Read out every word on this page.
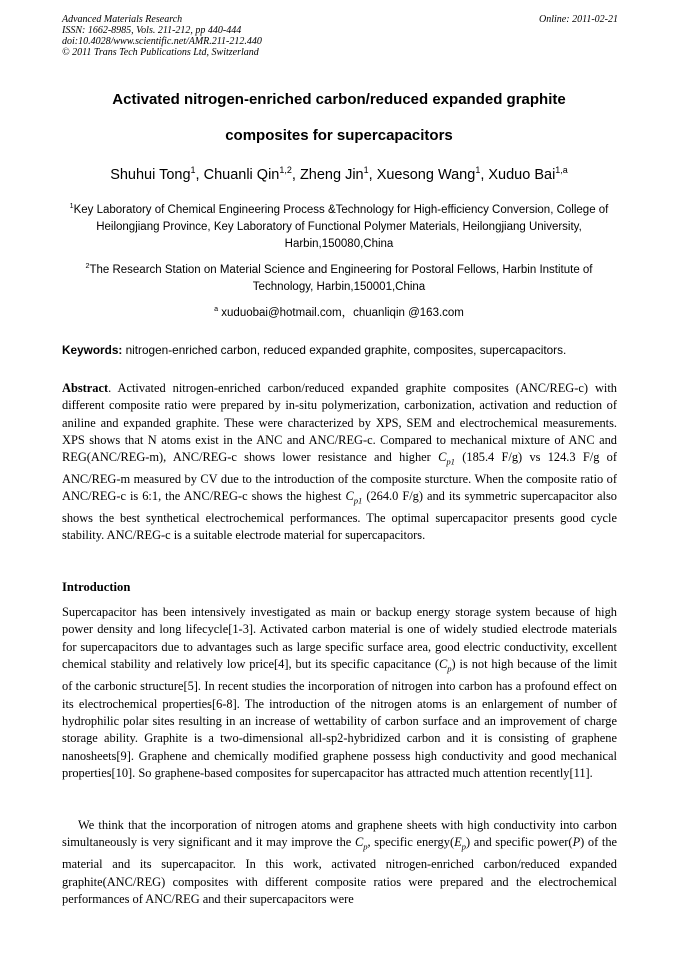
Advanced Materials Research
ISSN: 1662-8985, Vols. 211-212, pp 440-444
doi:10.4028/www.scientific.net/AMR.211-212.440
© 2011 Trans Tech Publications Ltd, Switzerland
Online: 2011-02-21
Activated nitrogen-enriched carbon/reduced expanded graphite
composites for supercapacitors
Shuhui Tong$^1$, Chuanli Qin$^{1,2}$, Zheng Jin$^1$, Xuesong Wang$^1$, Xuduo Bai$^{1,a}$
$^1$Key Laboratory of Chemical Engineering Process &Technology for High-efficiency Conversion, College of Heilongjiang Province, Key Laboratory of Functional Polymer Materials, Heilongjiang University, Harbin,150080,China
$^2$The Research Station on Material Science and Engineering for Postoral Fellows, Harbin Institute of Technology, Harbin,150001,China
$^a$ xuduobai@hotmail.com，chuanliqin @163.com
Keywords: nitrogen-enriched carbon, reduced expanded graphite, composites, supercapacitors.

Abstract. Activated nitrogen-enriched carbon/reduced expanded graphite composites (ANC/REG-c) with different composite ratio were prepared by in-situ polymerization, carbonization, activation and reduction of aniline and expanded graphite. These were characterized by XPS, SEM and electrochemical measurements. XPS shows that N atoms exist in the ANC and ANC/REG-c. Compared to mechanical mixture of ANC and REG(ANC/REG-m), ANC/REG-c shows lower resistance and higher $C_{p1}$ (185.4 F/g) vs 124.3 F/g of ANC/REG-m measured by CV due to the introduction of the composite sturcture. When the composite ratio of ANC/REG-c is 6:1, the ANC/REG-c shows the highest $C_{p1}$ (264.0 F/g) and its symmetric supercapacitor also shows the best synthetical electrochemical performances. The optimal supercapacitor presents good cycle stability. ANC/REG-c is a suitable electrode material for supercapacitors.

Introduction

Supercapacitor has been intensively investigated as main or backup energy storage system because of high power density and long lifecycle[1-3]. Activated carbon material is one of widely studied electrode materials for supercapacitors due to advantages such as large specific surface area, good electric conductivity, excellent chemical stability and relatively low price[4], but its specific capacitance $(C_p)$ is not high because of the limit of the carbonic structure[5]. In recent studies the incorporation of nitrogen into carbon has a profound effect on its electrochemical properties[6-8]. The introduction of the nitrogen atoms is an enlargement of number of hydrophilic polar sites resulting in an increase of wettability of carbon surface and an improvement of charge storage ability. Graphite is a two-dimensional all-sp2-hybridized carbon and it is consisting of graphene nanosheets[9]. Graphene and chemically modified graphene possess high conductivity and good mechanical properties[10]. So graphene-based composites for supercapacitor has attracted much attention recently[11].

We think that the incorporation of nitrogen atoms and graphene sheets with high conductivity into carbon simultaneously is very significant and it may improve the $C_p$, specific $energy(E_p)$ and specific power(P) of the material and its supercapacitor. In this work, activated nitrogen-enriched carbon/reduced expanded graphite(ANC/REG) composites with different composite ratios were prepared and the electrochemical performances of ANC/REG and their supercapacitors were
